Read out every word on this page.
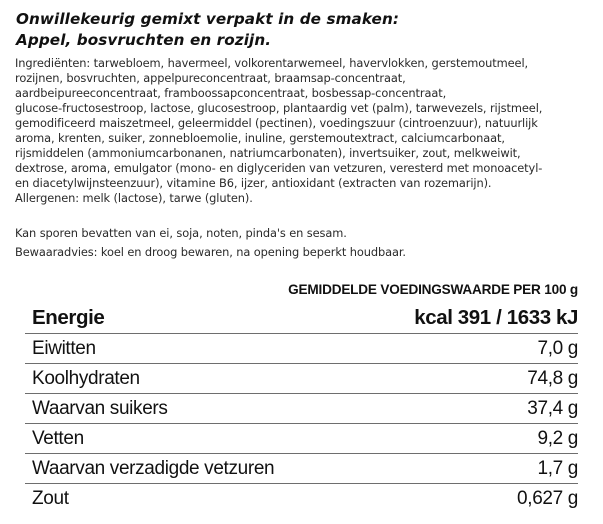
Onwillekeurig gemixt verpakt in de smaken:
Appel, bosvruchten en rozijn.

Ingrediënten: tarwebloem, havermeel, volkorentarwemeel, havervlokken, gerstemoutmeel,
rozijnen, bosvruchten, appelpureconcentraat, braamsap-concentraat,
aardbeipureeconcentraat, framboossapconcentraat, bosbessap-concentraat,
glucose-fructosestroop, lactose, glucosestroop, plantaardig vet (palm), tarwevezels, rijstmeel,
gemodificeerd maiszetmeel, geleermiddel (pectinen), voedingszuur (cintroenzuur), natuurlijk
aroma, krenten, suiker, zonnebloemolie, inuline, gerstemoutextract, calciumcarbonaat,
rijsmiddelen (ammoniumcarbonanen, natriumcarbonaten), invertsuiker, zout, melkweiwit,
dextrose, aroma, emulgator (mono- en diglyceriden van vetzuren, veresterd met monoacetyl-
en diacetylwijnsteenzuur), vitamine B6, ijzer, antioxidant (extracten van rozemarijn).
Allergenen: melk (lactose), tarwe (gluten).

Kan sporen bevatten van ei, soja, noten, pinda's en sesam.
Bewaaradvies: koel en droog bewaren, na opening beperkt houdbaar.
GEMIDDELDE VOEDINGSWAARDE PER 100 g
Energie	kcal 391 / 1633 kJ
Eiwitten	7,0 g
Koolhydraten	74,8 g
Waarvan suikers	37,4 g
Vetten	9,2 g
Waarvan verzadigde vetzuren	1,7 g
Zout	0,627 g
